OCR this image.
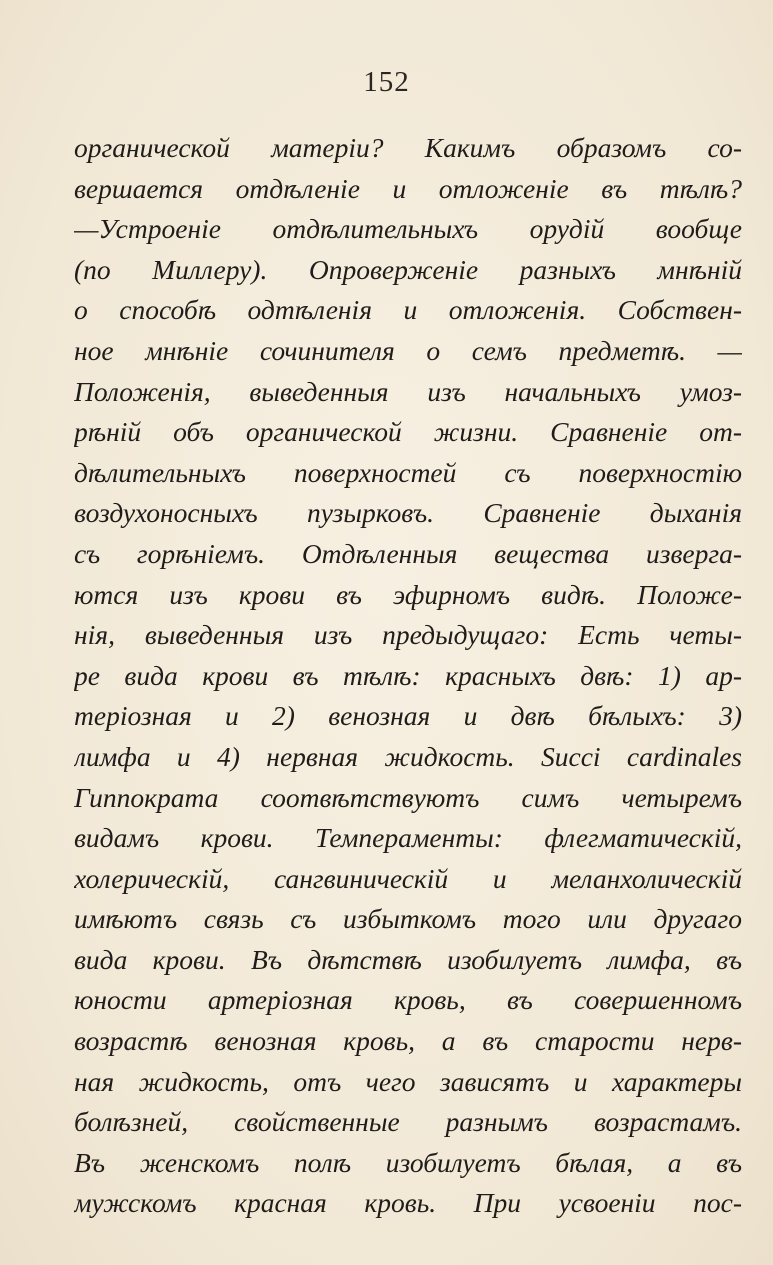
152
органической матеріи? Какимъ образомъ со-
вершается отдѣленіе и отложеніе въ тѣлѣ?
—Устроеніе отдѣлительныхъ орудій вообще
(по Миллеру). Опроверженіе разныхъ мнѣній
о способѣ одтѣленія и отложенія. Собствен-
ное мнѣніе сочинителя о семъ предметѣ. —
Положенія, выведенныя изъ начальныхъ умоз-
рѣній объ органической жизни. Сравненіе от-
дѣлительныхъ поверхностей съ поверхностію
воздухоносныхъ пузырковъ. Сравненіе дыханія
съ горѣніемъ. Отдѣленныя вещества изверга-
ются изъ крови въ эфирномъ видѣ. Положе-
нія, выведенныя изъ предыдущаго: Есть четы-
ре вида крови въ тѣлѣ: красныхъ двѣ: 1) ар-
теріозная и 2) венозная и двѣ бѣлыхъ: 3)
лимфа и 4) нервная жидкость. Succi cardinales
Гиппократа соотвѣтствуютъ симъ четыремъ
видамъ крови. Темпераменты: флегматическій,
холерическій, сангвиническій и меланхолическій
имѣютъ связь съ избыткомъ того или другаго
вида крови. Въ дѣтствѣ изобилуетъ лимфа, въ
юности артеріозная кровь, въ совершенномъ
возрастѣ венозная кровь, а въ старости нерв-
ная жидкость, отъ чего зависятъ и характеры
болѣзней, свойственные разнымъ возрастамъ.
Въ женскомъ полѣ изобилуетъ бѣлая, а въ
мужскомъ красная кровь. При усвоеніи пос-
